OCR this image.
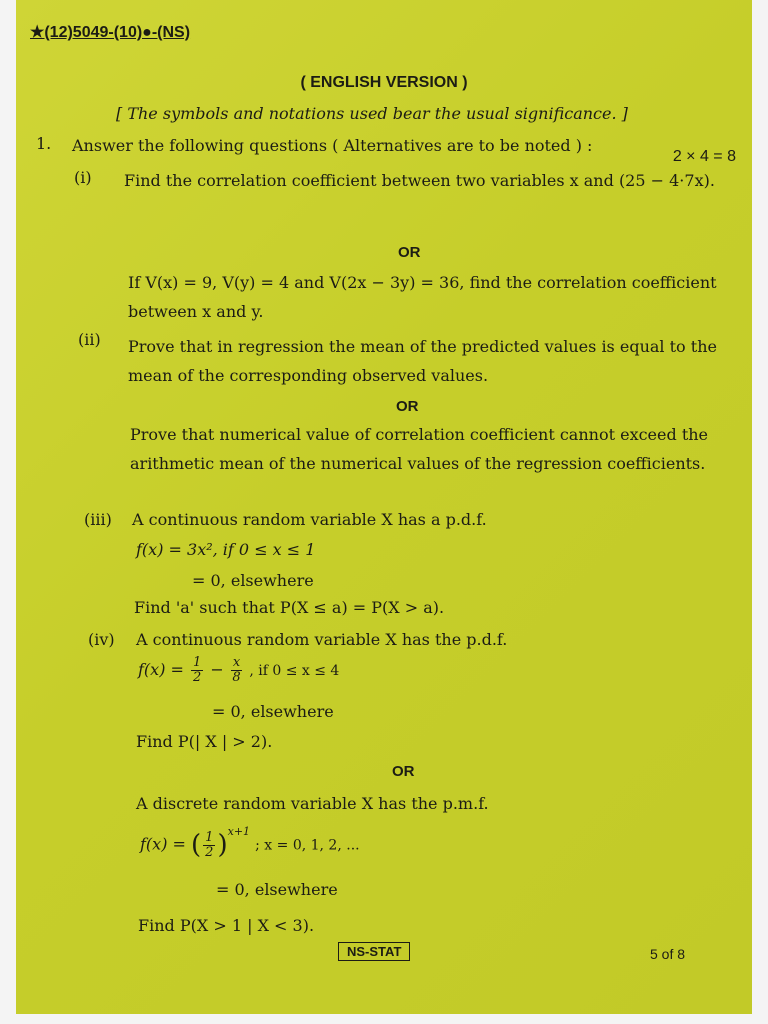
★(12)5049-(10)●-(NS)
( ENGLISH VERSION )
[ The symbols and notations used bear the usual significance. ]
1. Answer the following questions ( Alternatives are to be noted ) :
2 × 4 = 8
(i) Find the correlation coefficient between two variables x and (25 − 4·7x).
OR
If V(x) = 9, V(y) = 4 and V(2x − 3y) = 36, find the correlation coefficient between x and y.
(ii) Prove that in regression the mean of the predicted values is equal to the mean of the corresponding observed values.
OR
Prove that numerical value of correlation coefficient cannot exceed the arithmetic mean of the numerical values of the regression coefficients.
(iii) A continuous random variable X has a p.d.f.
f(x) = 3x², if 0 ≤ x ≤ 1
= 0, elsewhere
Find 'a' such that P(X ≤ a) = P(X > a).
(iv) A continuous random variable X has the p.d.f.
$f(x) = \frac{1}{2} - \frac{x}{8}$ , if 0 ≤ x ≤ 4
= 0, elsewhere
Find P(| X | > 2).
OR
A discrete random variable X has the p.m.f.
f(x) = ( $\frac{1}{2} )^{x+1}$ ; x = 0, 1, 2, ...
= 0, elsewhere
Find P(X > 1 | X < 3).
NS-STAT	5 of 8
